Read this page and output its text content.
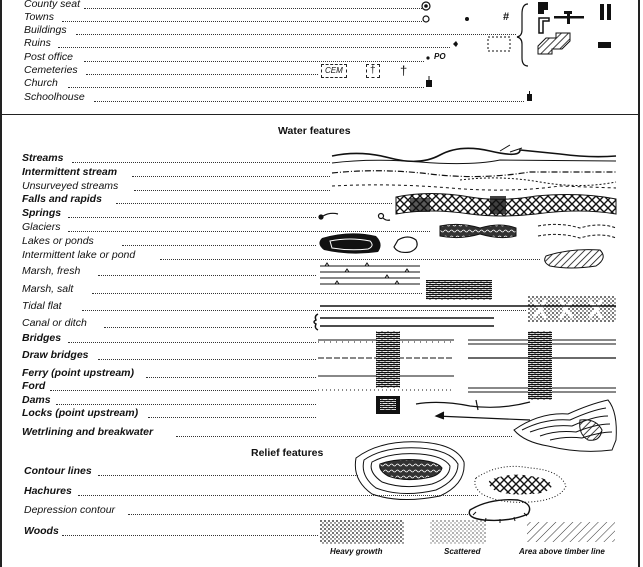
County seat
Towns
Buildings
Ruins
Post office
Cemeteries
Church
Schoolhouse
#
PO
CEM	†	†
Water features
Streams
Intermittent stream
Unsurveyed streams
Falls and rapids
Springs
Glaciers
Lakes or ponds
Intermittent lake or pond
Marsh, fresh
Marsh, salt
Tidal flat
Canal or ditch
Bridges
Draw bridges
Ferry (point upstream)
Ford
Dams
Locks (point upstream)
Wetrlining and breakwater
Relief features
Contour lines
Hachures
Depression contour
Woods
Heavy growth	Scattered	Area above timber line
